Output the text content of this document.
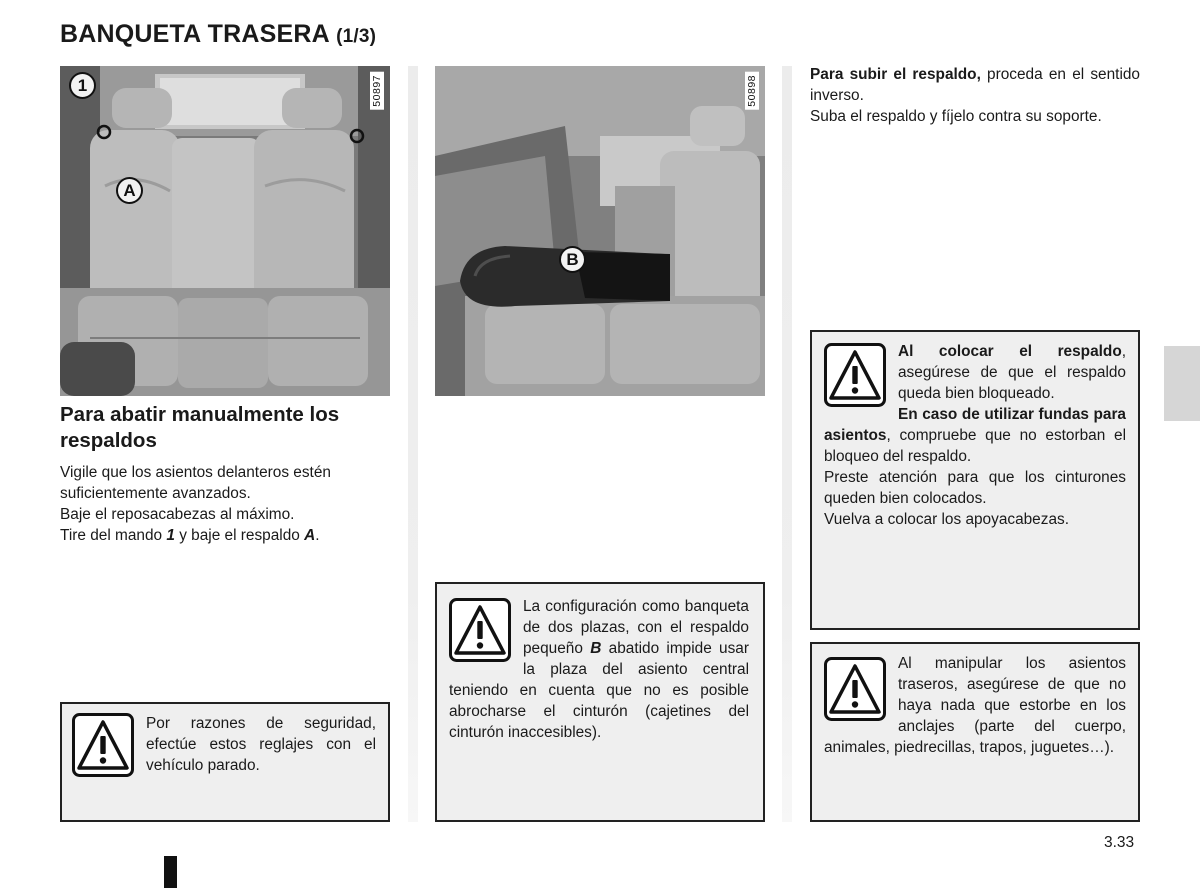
BANQUETA TRASERA (1/3)
50897
1
A
50898
B
Para abatir manualmente los respaldos

Vigile que los asientos delanteros estén suficientemente avanzados.

Baje el reposacabezas al máximo.

Tire del mando 1 y baje el respaldo A.

Por razones de seguridad, efectúe estos reglajes con el vehículo parado.
La configuración como banqueta de dos plazas, con el respaldo pequeño B abatido impide usar la plaza del asiento central teniendo en cuenta que no es posible abrocharse el cinturón (cajetines del cinturón inaccesibles).

Para subir el respaldo, proceda en el sentido inverso.

Suba el respaldo y fíjelo contra su soporte.

Al colocar el respaldo, asegúrese de que el respaldo queda bien bloqueado.
En caso de utilizar fundas para asientos, compruebe que no estorban el bloqueo del respaldo.
Preste atención para que los cinturones queden bien colocados.
Vuelva a colocar los apoyacabezas.
Al manipular los asientos traseros, asegúrese de que no haya nada que estorbe en los anclajes (parte del cuerpo, animales, piedrecillas, trapos, juguetes…).
3.33
